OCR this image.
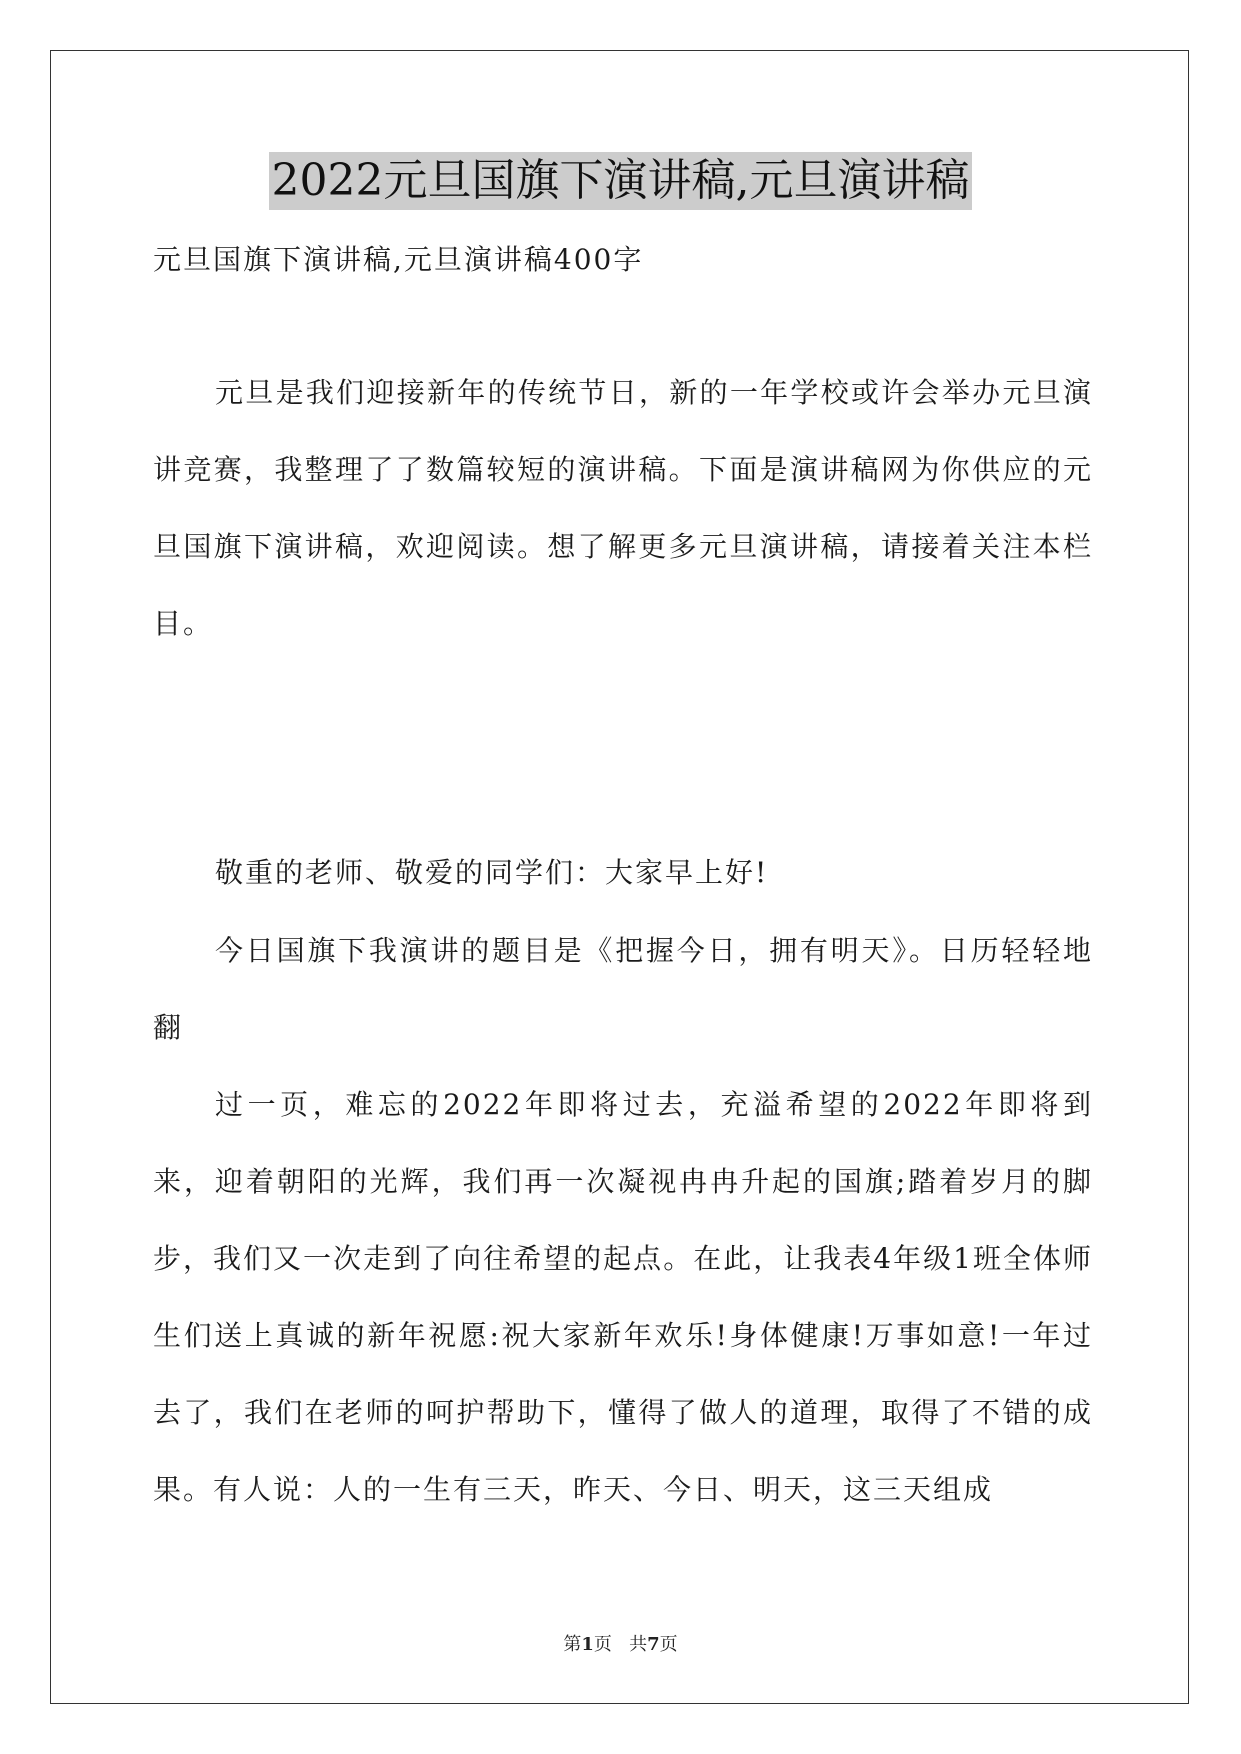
2022元旦国旗下演讲稿,元旦演讲稿
元旦国旗下演讲稿,元旦演讲稿400字

元旦是我们迎接新年的传统节日，新的一年学校或许会举办元旦演讲竞赛，我整理了了数篇较短的演讲稿。下面是演讲稿网为你供应的元旦国旗下演讲稿，欢迎阅读。想了解更多元旦演讲稿，请接着关注本栏目。

敬重的老师、敬爱的同学们：大家早上好!

今日国旗下我演讲的题目是《把握今日，拥有明天》。日历轻轻地翻

过一页，难忘的2022年即将过去，充溢希望的2022年即将到来，迎着朝阳的光辉，我们再一次凝视冉冉升起的国旗;踏着岁月的脚步，我们又一次走到了向往希望的起点。在此，让我表4年级1班全体师生们送上真诚的新年祝愿:祝大家新年欢乐!身体健康!万事如意!一年过去了，我们在老师的呵护帮助下，懂得了做人的道理，取得了不错的成果。有人说：人的一生有三天，昨天、今日、明天，这三天组成

第1页 共7页
